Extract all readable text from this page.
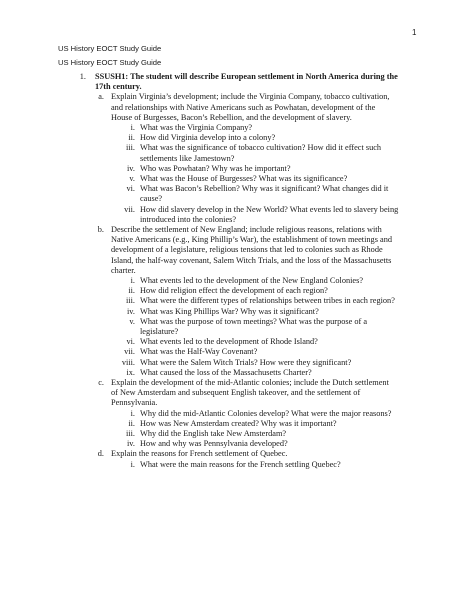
1
US History EOCT Study Guide
US History EOCT Study Guide
1. SSUSH1: The student will describe European settlement in North America during the
17th century.
a. Explain Virginia’s development; include the Virginia Company, tobacco cultivation,
and relationships with Native Americans such as Powhatan, development of the
House of Burgesses, Bacon’s Rebellion, and the development of slavery.
i. What was the Virginia Company?
ii. How did Virginia develop into a colony?
iii. What was the significance of tobacco cultivation? How did it effect such
settlements like Jamestown?
iv. Who was Powhatan? Why was he important?
v. What was the House of Burgesses? What was its significance?
vi. What was Bacon’s Rebellion? Why was it significant? What changes did it
cause?
vii. How did slavery develop in the New World? What events led to slavery being
introduced into the colonies?
b. Describe the settlement of New England; include religious reasons, relations with
Native Americans (e.g., King Phillip’s War), the establishment of town meetings and
development of a legislature, religious tensions that led to colonies such as Rhode
Island, the half-way covenant, Salem Witch Trials, and the loss of the Massachusetts
charter.
i. What events led to the development of the New England Colonies?
ii. How did religion effect the development of each region?
iii. What were the different types of relationships between tribes in each region?
iv. What was King Phillips War? Why was it significant?
v. What was the purpose of town meetings? What was the purpose of a
legislature?
vi. What events led to the development of Rhode Island?
vii. What was the Half-Way Covenant?
viii. What were the Salem Witch Trials? How were they significant?
ix. What caused the loss of the Massachusetts Charter?
c. Explain the development of the mid-Atlantic colonies; include the Dutch settlement
of New Amsterdam and subsequent English takeover, and the settlement of
Pennsylvania.
i. Why did the mid-Atlantic Colonies develop? What were the major reasons?
ii. How was New Amsterdam created? Why was it important?
iii. Why did the English take New Amsterdam?
iv. How and why was Pennsylvania developed?
d. Explain the reasons for French settlement of Quebec.
i. What were the main reasons for the French settling Quebec?
